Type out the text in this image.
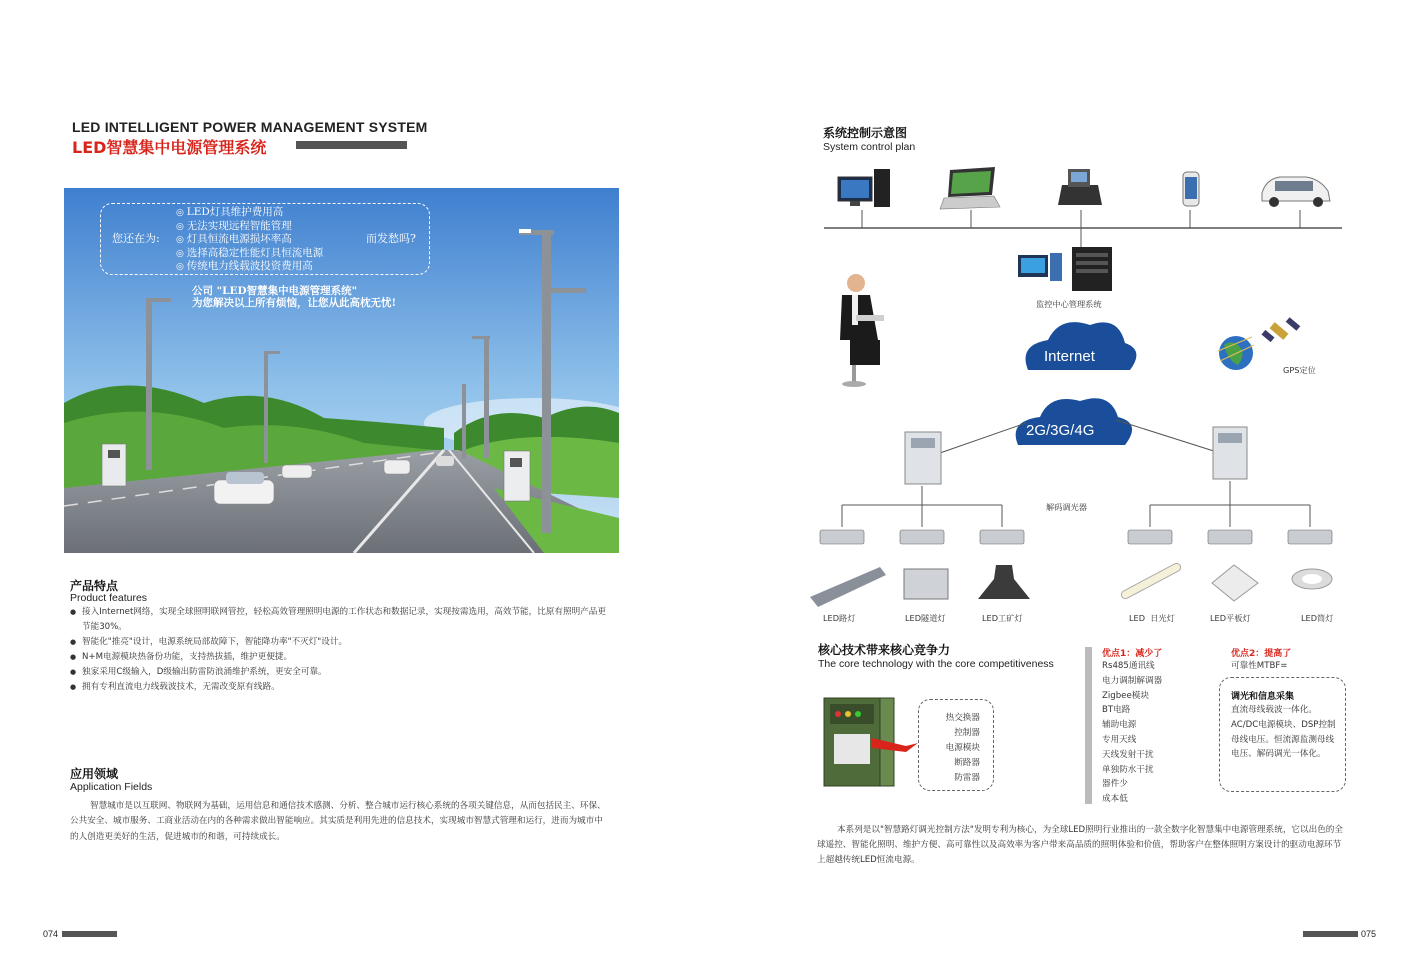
LED INTELLIGENT POWER MANAGEMENT SYSTEM
LED智慧集中电源管理系统
您还在为:
◎ LED灯具维护费用高
◎ 无法实现远程智能管理
◎ 灯具恒流电源损坏率高
◎ 选择高稳定性能灯具恒流电源
◎ 传统电力线载波投资费用高
而发愁吗?
公司 "LED智慧集中电源管理系统"
为您解决以上所有烦恼，让您从此高枕无忧!
产品特点
Product features
● 接入Internet网络，实现全球照明联网管控，轻松高效管理照明电源的工作状态和数据记录，实现按需选用，高效节能，比原有照明产品更节能30%。
● 智能化"推亮"设计，电源系统局部故障下，智能降功率"不灭灯"设计。
● N+M电源模块热备份功能，支持热拔插，维护更便捷。
● 独家采用C级输入，D级输出防雷防浪涌维护系统，更安全可靠。
● 拥有专利直流电力线载波技术，无需改变原有线路。
应用领域
Application Fields

智慧城市是以互联网、物联网为基础，运用信息和通信技术感测、分析、整合城市运行核心系统的各项关键信息，从而包括民主、环保、公共安全、城市服务、工商业活动在内的各种需求做出智能响应。其实质是利用先进的信息技术，实现城市智慧式管理和运行，进而为城市中的人创造更美好的生活，促进城市的和谐，可持续成长。

074
系统控制示意图
System control plan
监控中心管理系统
Internet
2G/3G/4G
GPS定位
解码调光器
LED路灯	LED隧道灯	LED工矿灯	LED  日光灯	LED平板灯	LED筒灯
核心技术带来核心竞争力
The core technology with the core competitiveness
热交换器
控制器
电源模块
断路器
防雷器
优点1：减少了
Rs485通讯线
电力调制解调器
Zigbee模块
BT电路
辅助电源
专用天线
天线发射干扰
单独防水干扰
器件少
成本低
优点2：提高了
可靠性MTBF=
调光和信息采集

直流母线载波一体化。AC/DC电源模块、DSP控制母线电压。恒流源监测母线电压、解码调光一体化。

本系列是以"智慧路灯调光控制方法"发明专利为核心，为全球LED照明行业推出的一款全数字化智慧集中电源管理系统，它以出色的全球遥控、智能化照明、维护方便、高可靠性以及高效率为客户带来高品质的照明体验和价值，帮助客户在整体照明方案设计的驱动电源环节上超越传统LED恒流电源。

075
